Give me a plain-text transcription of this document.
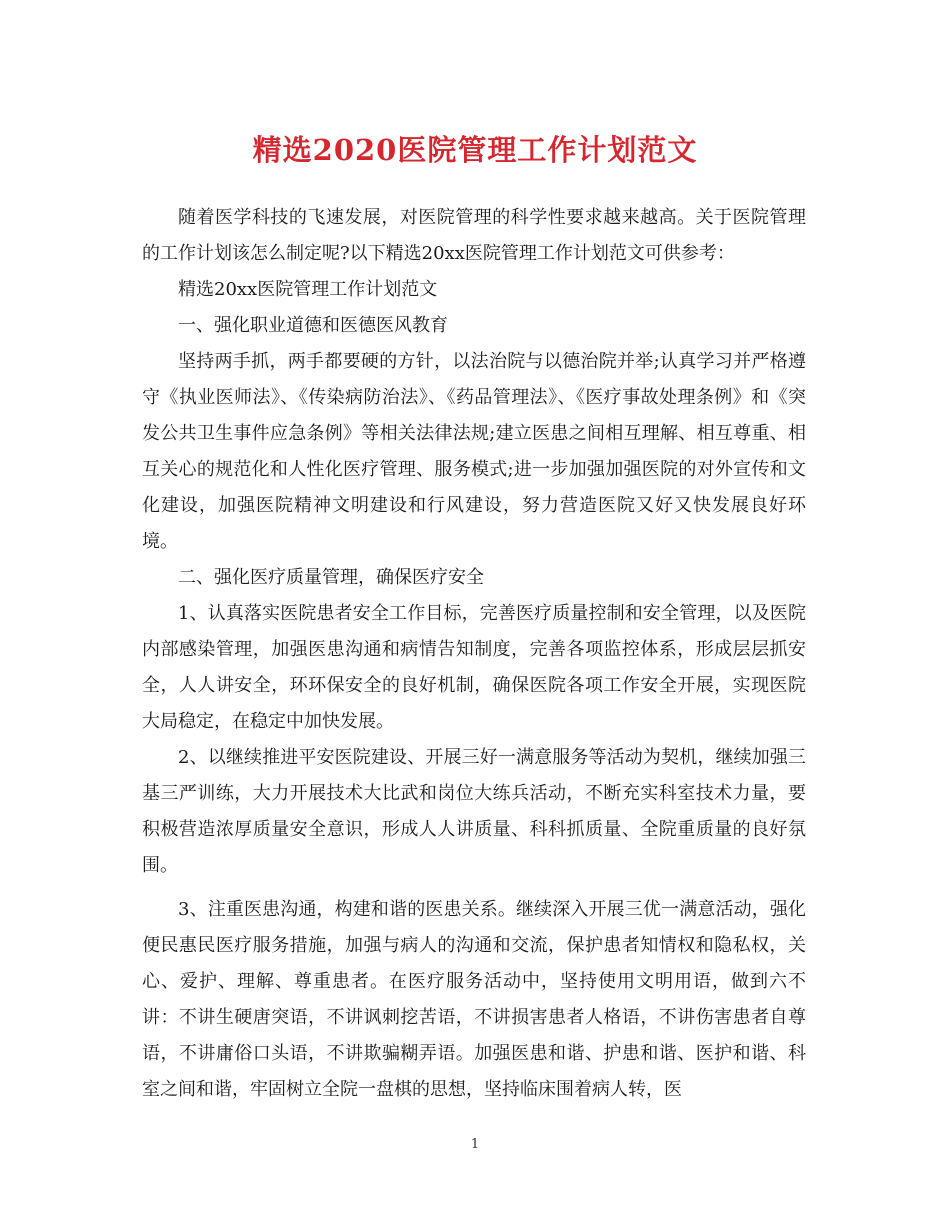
精选2020医院管理工作计划范文

随着医学科技的飞速发展，对医院管理的科学性要求越来越高。关于医院管理的工作计划该怎么制定呢?以下精选20xx医院管理工作计划范文可供参考：

精选20xx医院管理工作计划范文

一、强化职业道德和医德医风教育

坚持两手抓，两手都要硬的方针，以法治院与以德治院并举;认真学习并严格遵守《执业医师法》、《传染病防治法》、《药品管理法》、《医疗事故处理条例》和《突发公共卫生事件应急条例》等相关法律法规;建立医患之间相互理解、相互尊重、相互关心的规范化和人性化医疗管理、服务模式;进一步加强加强医院的对外宣传和文化建设，加强医院精神文明建设和行风建设，努力营造医院又好又快发展良好环境。

二、强化医疗质量管理，确保医疗安全

1、认真落实医院患者安全工作目标，完善医疗质量控制和安全管理，以及医院内部感染管理，加强医患沟通和病情告知制度，完善各项监控体系，形成层层抓安全，人人讲安全，环环保安全的良好机制，确保医院各项工作安全开展，实现医院大局稳定，在稳定中加快发展。

2、以继续推进平安医院建设、开展三好一满意服务等活动为契机，继续加强三基三严训练，大力开展技术大比武和岗位大练兵活动，不断充实科室技术力量，要积极营造浓厚质量安全意识，形成人人讲质量、科科抓质量、全院重质量的良好氛围。

3、注重医患沟通，构建和谐的医患关系。继续深入开展三优一满意活动，强化便民惠民医疗服务措施，加强与病人的沟通和交流，保护患者知情权和隐私权，关心、爱护、理解、尊重患者。在医疗服务活动中，坚持使用文明用语，做到六不讲：不讲生硬唐突语，不讲讽刺挖苦语，不讲损害患者人格语，不讲伤害患者自尊语，不讲庸俗口头语，不讲欺骗糊弄语。加强医患和谐、护患和谐、医护和谐、科室之间和谐，牢固树立全院一盘棋的思想，坚持临床围着病人转，医

1
